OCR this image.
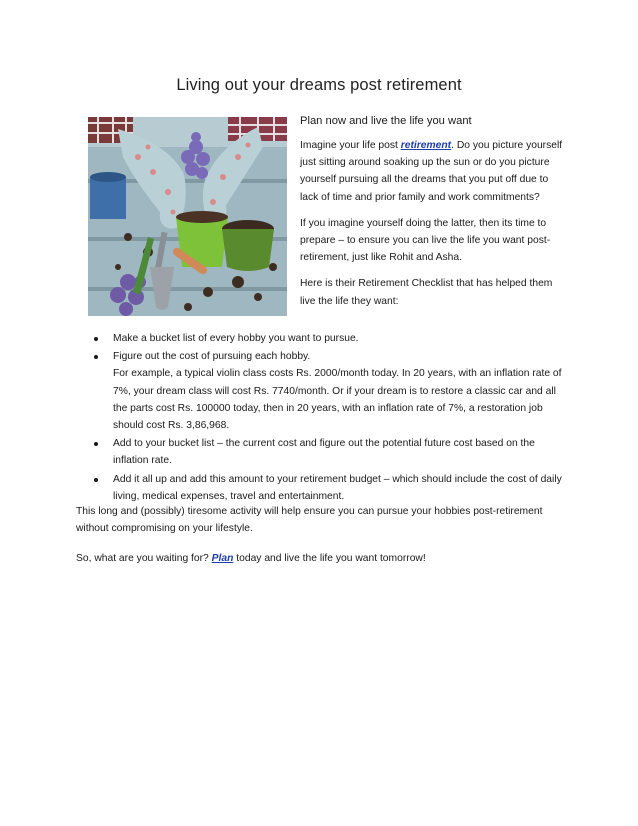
Living out your dreams post retirement
Plan now and live the life you want

Imagine your life post retirement. Do you picture yourself just sitting around soaking up the sun or do you picture yourself pursuing all the dreams that you put off due to lack of time and prior family and work commitments?

If you imagine yourself doing the latter, then its time to prepare – to ensure you can live the life you want post-retirement, just like Rohit and Asha.

Here is their Retirement Checklist that has helped them live the life they want:

Make a bucket list of every hobby you want to pursue.
Figure out the cost of pursuing each hobby.
For example, a typical violin class costs Rs. 2000/month today. In 20 years, with an inflation rate of 7%, your dream class will cost Rs. 7740/month. Or if your dream is to restore a classic car and all the parts cost Rs. 100000 today, then in 20 years, with an inflation rate of 7%, a restoration job should cost Rs. 3,86,968.
Add to your bucket list – the current cost and figure out the potential future cost based on the inflation rate.
Add it all up and add this amount to your retirement budget – which should include the cost of daily living, medical expenses, travel and entertainment.

This long and (possibly) tiresome activity will help ensure you can pursue your hobbies post-retirement without compromising on your lifestyle.

So, what are you waiting for? Plan today and live the life you want tomorrow!
